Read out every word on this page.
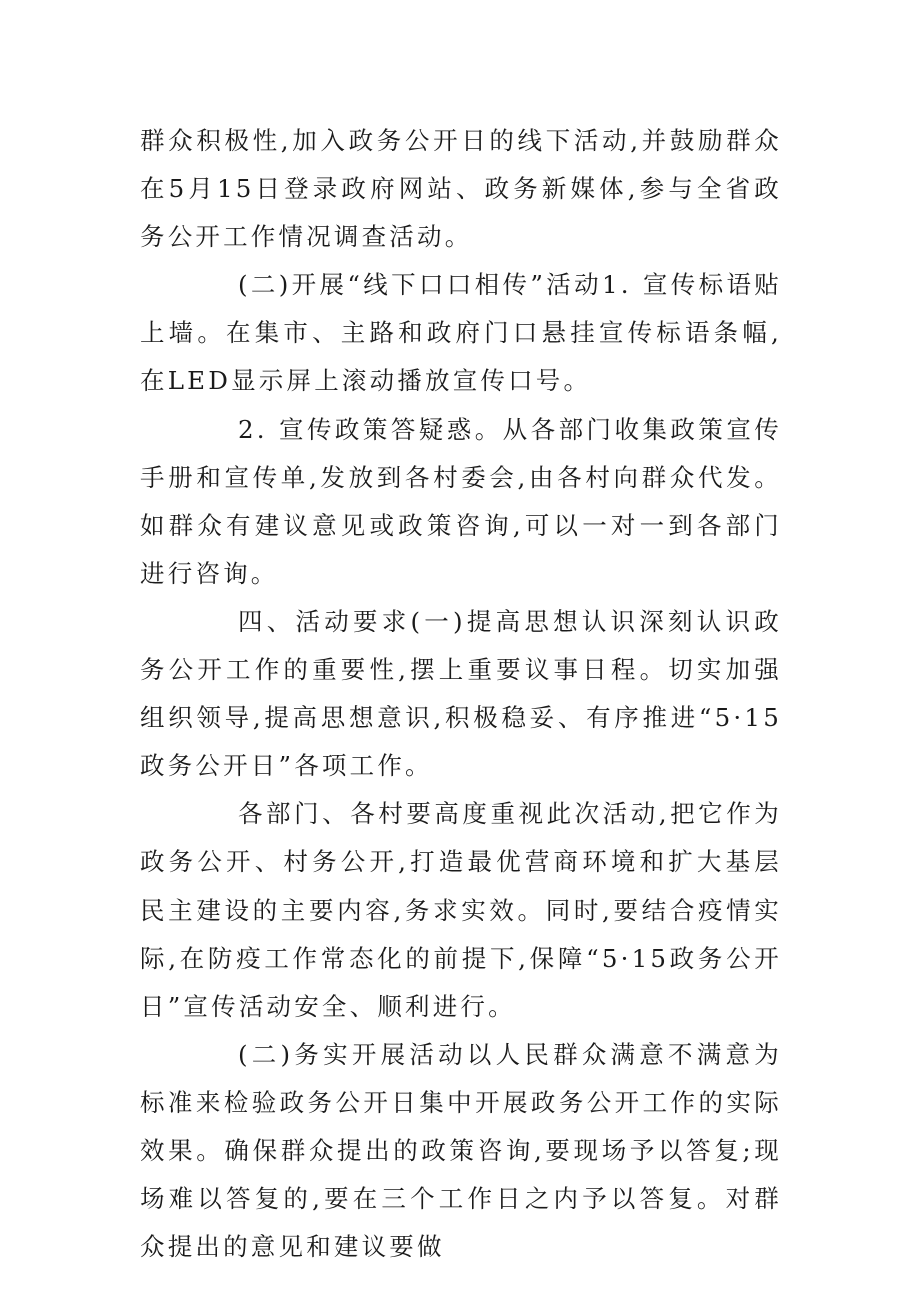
群众积极性,加入政务公开日的线下活动,并鼓励群众在5月15日登录政府网站、政务新媒体,参与全省政务公开工作情况调查活动。

(二)开展“线下口口相传”活动1. 宣传标语贴上墙。在集市、主路和政府门口悬挂宣传标语条幅,在LED显示屏上滚动播放宣传口号。

2. 宣传政策答疑惑。从各部门收集政策宣传手册和宣传单,发放到各村委会,由各村向群众代发。如群众有建议意见或政策咨询,可以一对一到各部门进行咨询。

四、活动要求(一)提高思想认识深刻认识政务公开工作的重要性,摆上重要议事日程。切实加强组织领导,提高思想意识,积极稳妥、有序推进“5·15政务公开日”各项工作。

各部门、各村要高度重视此次活动,把它作为政务公开、村务公开,打造最优营商环境和扩大基层民主建设的主要内容,务求实效。同时,要结合疫情实际,在防疫工作常态化的前提下,保障“5·15政务公开日”宣传活动安全、顺利进行。

(二)务实开展活动以人民群众满意不满意为标准来检验政务公开日集中开展政务公开工作的实际效果。确保群众提出的政策咨询,要现场予以答复;现场难以答复的,要在三个工作日之内予以答复。对群众提出的意见和建议要做
